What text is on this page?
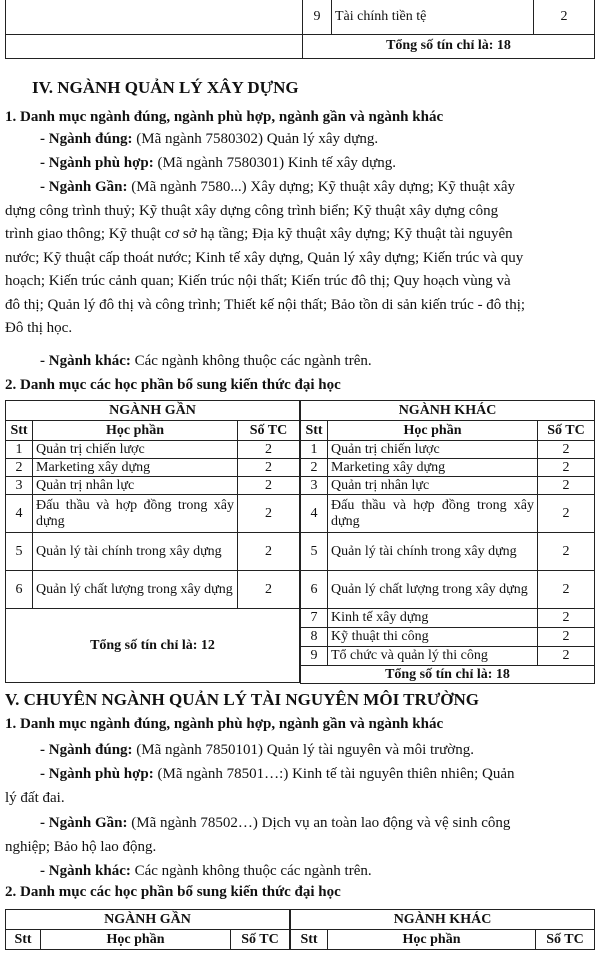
	9	Tài chính tiền tệ	2
	Tổng số tín chỉ là: 18		
IV. NGÀNH QUẢN LÝ XÂY DỰNG
1. Danh mục ngành đúng, ngành phù hợp, ngành gần và ngành khác
- Ngành đúng: (Mã ngành 7580302) Quản lý xây dựng.
- Ngành phù hợp: (Mã ngành 7580301) Kinh tế xây dựng.
- Ngành Gần: (Mã ngành 7580...) Xây dựng; Kỹ thuật xây dựng; Kỹ thuật xây
dựng công trình thuỷ; Kỹ thuật xây dựng công trình biển; Kỹ thuật xây dựng công
trình giao thông; Kỹ thuật cơ sở hạ tầng; Địa kỹ thuật xây dựng; Kỹ thuật tài nguyên
nước; Kỹ thuật cấp thoát nước; Kinh tế xây dựng, Quản lý xây dựng; Kiến trúc và quy
hoạch; Kiến trúc cảnh quan; Kiến trúc nội thất; Kiến trúc đô thị; Quy hoạch vùng và
đô thị; Quản lý đô thị và công trình; Thiết kế nội thất; Bảo tồn di sản kiến trúc - đô thị;
Đô thị học.
- Ngành khác: Các ngành không thuộc các ngành trên.
2. Danh mục các học phần bổ sung kiến thức đại học
NGÀNH GẦN		
Stt	Học phần	Số TC
1	Quản trị chiến lược	2
2	Marketing xây dựng	2
3	Quản trị nhân lực	2
4	Đấu thầu và hợp đồng trong xây dựng	2
5	Quản lý tài chính trong xây dựng	2
6	Quản lý chất lượng trong xây dựng	2
Tổng số tín chỉ là: 12		
NGÀNH KHÁC		
Stt	Học phần	Số TC
1	Quản trị chiến lược	2
2	Marketing xây dựng	2
3	Quản trị nhân lực	2
4	Đấu thầu và hợp đồng trong xây dựng	2
5	Quản lý tài chính trong xây dựng	2
6	Quản lý chất lượng trong xây dựng	2
7	Kinh tế xây dựng	2
8	Kỹ thuật thi công	2
9	Tổ chức và quản lý thi công	2
Tổng số tín chỉ là: 18		
V. CHUYÊN NGÀNH QUẢN LÝ TÀI NGUYÊN MÔI TRƯỜNG
1. Danh mục ngành đúng, ngành phù hợp, ngành gần và ngành khác
- Ngành đúng: (Mã ngành 7850101) Quản lý tài nguyên và môi trường.
- Ngành phù hợp: (Mã ngành 78501…:) Kinh tế tài nguyên thiên nhiên; Quản
lý đất đai.
- Ngành Gần: (Mã ngành 78502…) Dịch vụ an toàn lao động và vệ sinh công
nghiệp; Bảo hộ lao động.
- Ngành khác: Các ngành không thuộc các ngành trên.
2. Danh mục các học phần bổ sung kiến thức đại học
NGÀNH GẦN
Stt	Học phần	Số TC
NGÀNH KHÁC
Stt	Học phần	Số TC
